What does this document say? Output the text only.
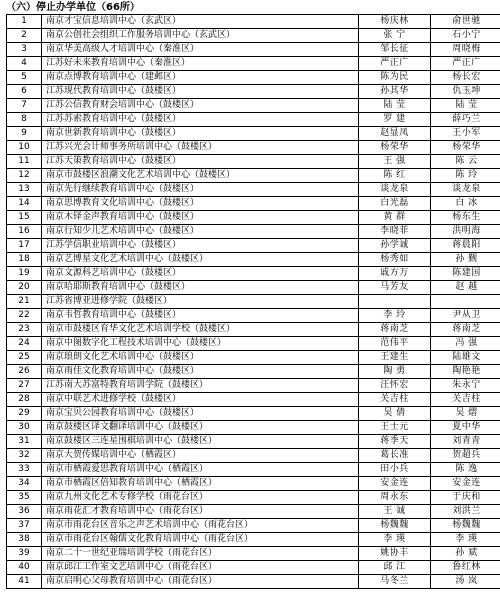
（六）停止办学单位（66所）
1	南京才宝信息培训中心（玄武区）	杨庆林	俞世驰
2	南京公创社会组织工作服务培训中心（玄武区）	张 宁	石小宁
3	南京华美高级人才培训中心（秦淮区）	邹长征	周晓梅
4	江苏好未来教育培训中心（秦淮区）	严正广	严正广
5	南京点博教育培训中心（建邺区）	陈为民	杨长宏
6	江苏现代教育培训中心（鼓楼区）	孙其华	仇玉坤
7	江苏公信教育财会培训中心（鼓楼区）	陆 莹	陆 莹
8	江苏苏索教育培训中心（鼓楼区）	罗 建	薛巧兰
9	南京世新教育培训中心（鼓楼区）	赵显凤	王小军
10	江苏兴光会计师事务所培训中心（鼓楼区）	杨荣华	杨荣华
11	江苏天策教育培训中心（鼓楼区）	王 强	陈 云
12	南京市鼓楼区浪潮文化艺术培训中心（鼓楼区）	陈 红	陈 玲
13	南京先行继续教育培训中心（鼓楼区）	谈龙泉	谈龙泉
14	南京思博教育文化培训中心（鼓楼区）	白光磊	白 冰
15	南京木铎金声教育培训中心（鼓楼区）	黄 群	杨东生
16	南京行知少儿艺术培训中心（鼓楼区）	李晓菲	洪明海
17	江苏学信职业培训中心（鼓楼区）	孙学诚	蒋晨阳
18	南京艺博星文化艺术培训中心（鼓楼区）	杨秀如	孙 觐
19	南京文源科艺培训中心（鼓楼区）	戚方万	陈建国
20	南京哈耶斯教育培训中心（鼓楼区）	马芳友	赵 越
21	江苏省博亚进修学院（鼓楼区）		
22	南京韦哲教育培训中心（鼓楼区）	李 玲	尹从卫
23	南京市鼓楼区育华文化艺术培训学校（鼓楼区）	蒋南芝	蒋南芝
24	南京中图数字化工程技术培训中心（鼓楼区）	范伟平	冯 强
25	南京琅朗文化艺术培训中心（鼓楼区）	王建生	陆雄文
26	南京雨佳文化教育培训中心（鼓楼区）	陶 勇	陶艳艳
27	江苏南大苏富特教育培训学院（鼓楼区）	汪怀宏	朱永宁
28	南京中联艺术进修学校（鼓楼区）	关吉柱	关吉柱
29	南京宝贝公园教育培训中心（鼓楼区）	吴 倩	吴 熠
30	南京鼓楼区译文翻译培训中心（鼓楼区）	王士元	夏中华
31	南京鼓楼区三连星围棋培训中心（鼓楼区）	蒋季天	刘青青
32	南京大贺传媒培训中心（栖霞区）	葛长准	贺超兵
33	南京市栖霞爱思教育培训中心（栖霞区）	田小兵	陈 逸
34	南京市栖霞区倍知教育培训中心（栖霞区）	安金连	安金连
35	南京九州文化艺术专修学校（雨花台区）	周永东	于庆和
36	南京雨花汇才教育培训中心（雨花台区）	王 诚	刘洪兰
37	南京市雨花台区音乐之声艺术培训中心（雨花台区）	杨魏魏	杨魏魏
38	南京市雨花台区翰儒文化教育培训中心（雨花台区）	李 瑛	李 瑛
39	南京二十一世纪亚瑞培训学校（雨花台区）	姚协丰	孙 斌
40	南京邱江工作室文艺培训中心（雨花台区）	邱 江	鲁红林
41	南京启明心父母教育培训中心（雨花台区）	马冬兰	汤 岚
